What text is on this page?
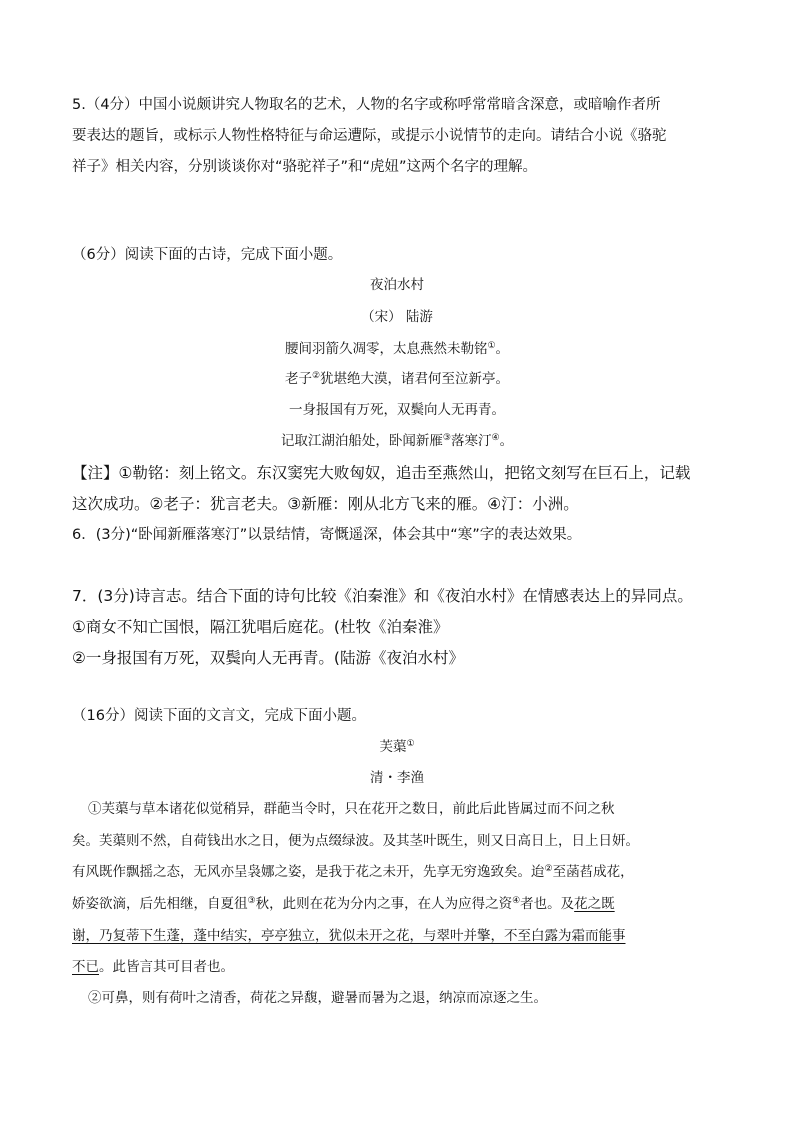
5.（4分）中国小说颇讲究人物取名的艺术，人物的名字或称呼常常暗含深意，或暗喻作者所
要表达的题旨，或标示人物性格特征与命运遭际，或提示小说情节的走向。请结合小说《骆驼
祥子》相关内容，分别谈谈你对“骆驼祥子”和“虎妞”这两个名字的理解。
（6分）阅读下面的古诗，完成下面小题。
夜泊水村
（宋） 陆游
腰间羽箭久凋零，太息燕然未勒铭①。
老子②犹堪绝大漠，诸君何至泣新亭。
一身报国有万死，双鬓向人无再青。
记取江湖泊船处，卧闻新雁③落寒汀④。
【注】①勒铭：刻上铭文。东汉窦宪大败匈奴，追击至燕然山，把铭文刻写在巨石上，记载
这次成功。②老子：犹言老夫。③新雁：刚从北方飞来的雁。④汀：小洲。
6．(3分)“卧闻新雁落寒汀”以景结情，寄慨遥深，体会其中“寒”字的表达效果。
7．(3分)诗言志。结合下面的诗句比较《泊秦淮》和《夜泊水村》在情感表达上的异同点。
①商女不知亡国恨，隔江犹唱后庭花。(杜牧《泊秦淮》
②一身报国有万死，双鬓向人无再青。(陆游《夜泊水村》
（16分）阅读下面的文言文，完成下面小题。
芙蕖①
清・李渔
①芙蕖与草本诸花似觉稍异，群葩当令时，只在花开之数日，前此后此皆属过而不问之秋
矣。芙蕖则不然，自荷钱出水之日，便为点缀绿波。及其茎叶既生，则又日高日上，日上日妍。
有风既作飘摇之态，无风亦呈袅娜之姿，是我于花之未开，先享无穷逸致矣。迨②至菡萏成花，
娇姿欲滴，后先相继，自夏徂③秋，此则在花为分内之事，在人为应得之资④者也。及花之既
谢，乃复蒂下生蓬，蓬中结实，亭亭独立，犹似未开之花，与翠叶并擎，不至白露为霜而能事
不已。此皆言其可目者也。
②可鼻，则有荷叶之清香，荷花之异馥，避暑而暑为之退，纳凉而凉逐之生。
